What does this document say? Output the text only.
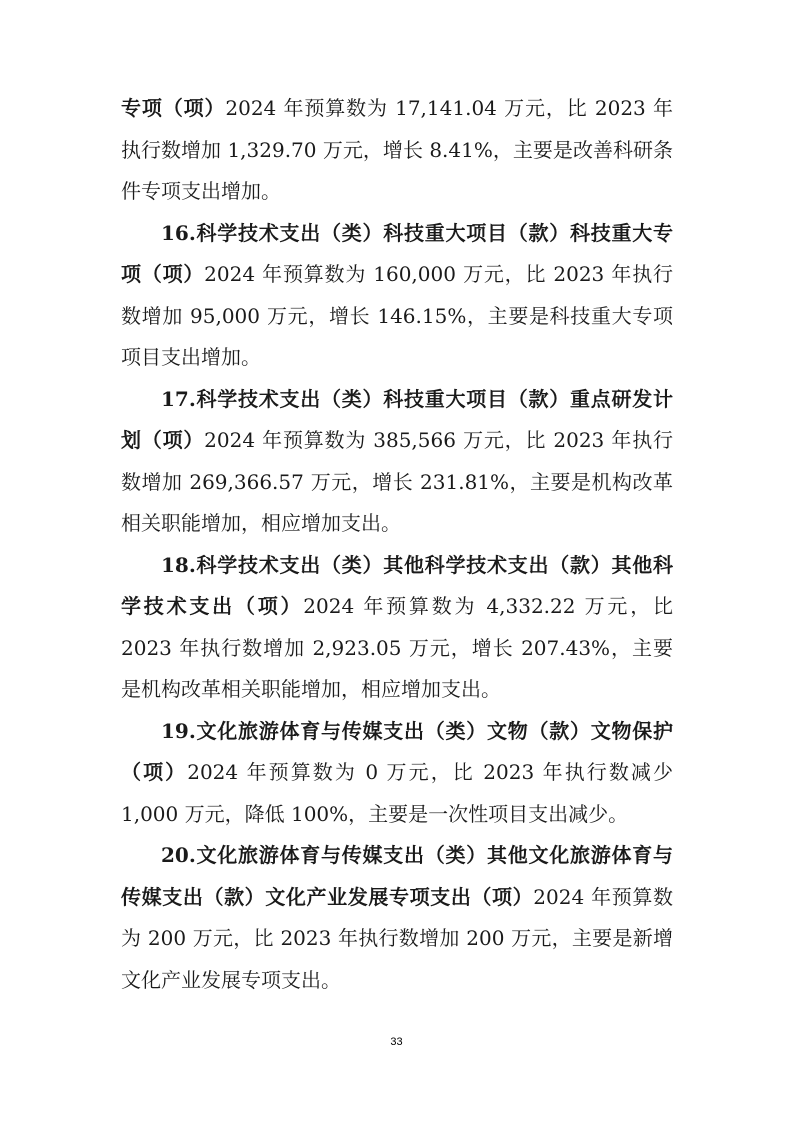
专项（项）2024 年预算数为 17,141.04 万元，比 2023 年执行数增加 1,329.70 万元，增长 8.41%，主要是改善科研条件专项支出增加。

16.科学技术支出（类）科技重大项目（款）科技重大专项（项）2024 年预算数为 160,000 万元，比 2023 年执行数增加 95,000 万元，增长 146.15%，主要是科技重大专项项目支出增加。

17.科学技术支出（类）科技重大项目（款）重点研发计划（项）2024 年预算数为 385,566 万元，比 2023 年执行数增加 269,366.57 万元，增长 231.81%，主要是机构改革相关职能增加，相应增加支出。

18.科学技术支出（类）其他科学技术支出（款）其他科学技术支出（项）2024 年预算数为 4,332.22 万元，比 2023 年执行数增加 2,923.05 万元，增长 207.43%，主要是机构改革相关职能增加，相应增加支出。

19.文化旅游体育与传媒支出（类）文物（款）文物保护（项）2024 年预算数为 0 万元，比 2023 年执行数减少 1,000 万元，降低 100%，主要是一次性项目支出减少。

20.文化旅游体育与传媒支出（类）其他文化旅游体育与传媒支出（款）文化产业发展专项支出（项）2024 年预算数为 200 万元，比 2023 年执行数增加 200 万元，主要是新增文化产业发展专项支出。

33
